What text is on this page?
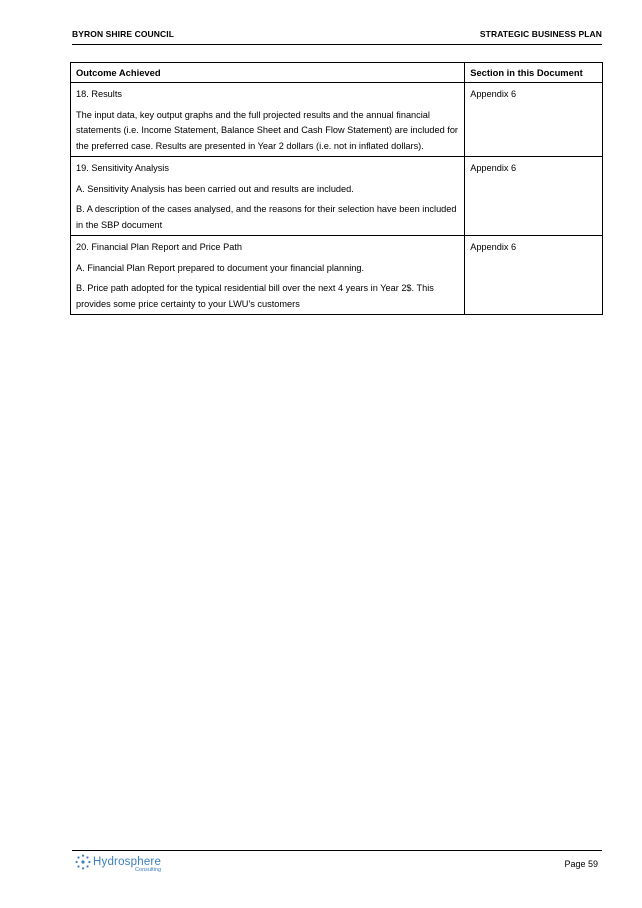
BYRON SHIRE COUNCIL	STRATEGIC BUSINESS PLAN
Outcome Achieved	Section in this Document

18. Results

The input data, key output graphs and the full projected results and the annual financial statements (i.e. Income Statement, Balance Sheet and Cash Flow Statement) are included for the preferred case. Results are presented in Year 2 dollars (i.e. not in inflated dollars).	Appendix 6

19. Sensitivity Analysis

A. Sensitivity Analysis has been carried out and results are included.

B. A description of the cases analysed, and the reasons for their selection have been included in the SBP document	Appendix 6

20. Financial Plan Report and Price Path

A. Financial Plan Report prepared to document your financial planning.

B. Price path adopted for the typical residential bill over the next 4 years in Year 2$. This provides some price certainty to your LWU’s customers	Appendix 6
Hydrosphere
Consulting
Page 59
